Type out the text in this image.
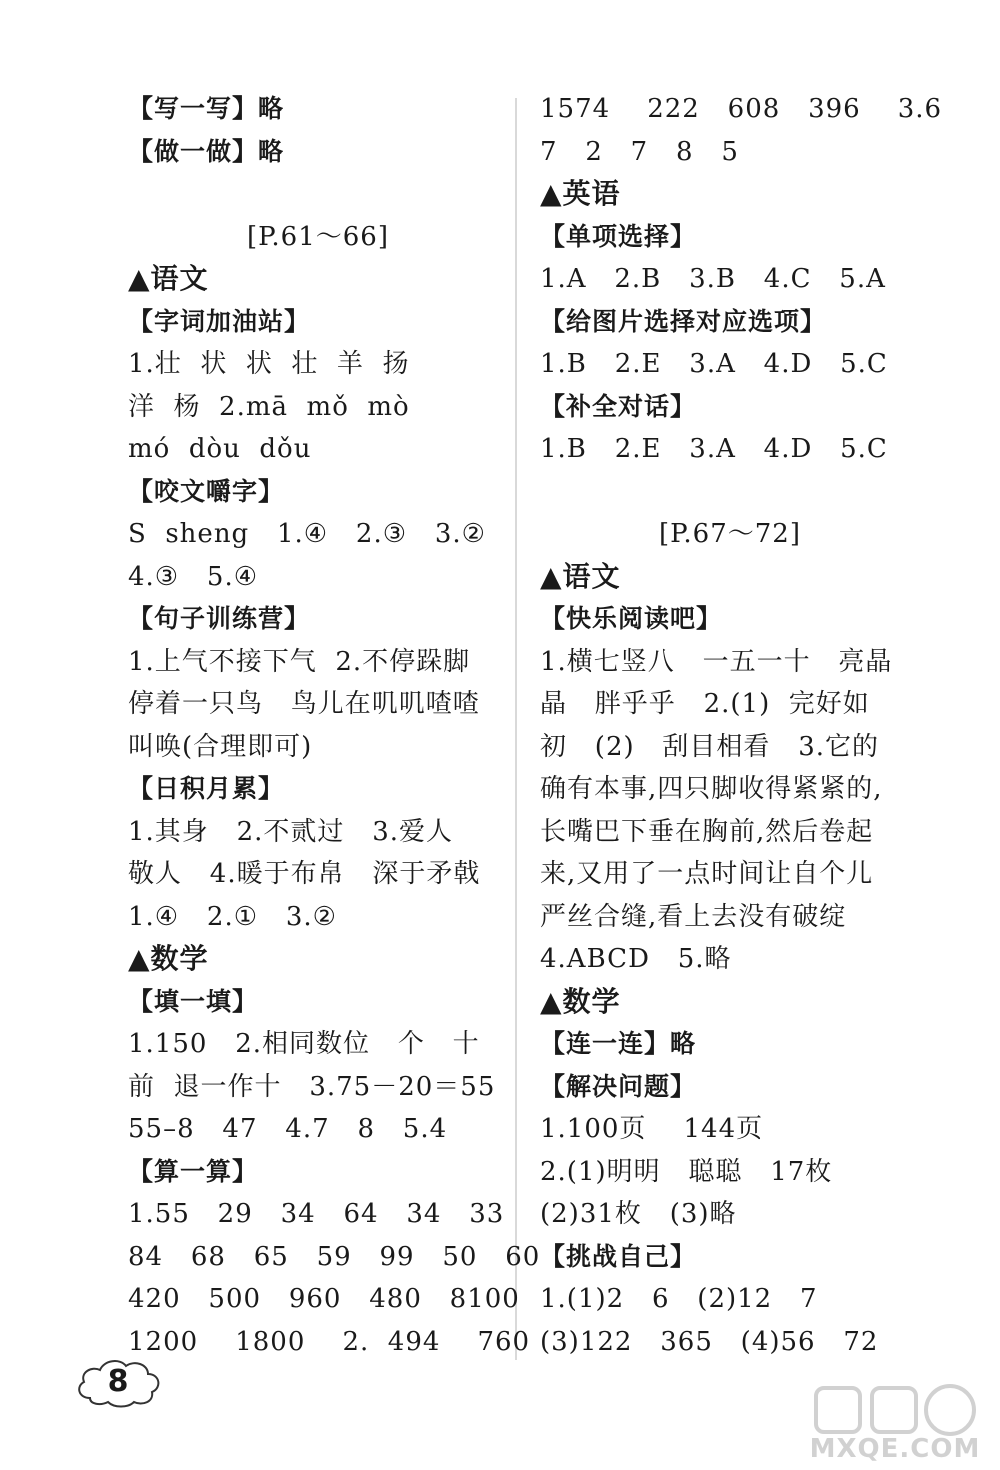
【写一写】略
【做一做】略
[P.61～66]
▲语文
【字词加油站】
1.壮  状  状  壮  羊  扬
洋  杨  2.mā  mǒ  mò
mó  dòu  dǒu
【咬文嚼字】
S  sheng   1.④   2.③   3.②
4.③   5.④
【句子训练营】
1.上气不接下气  2.不停跺脚
停着一只鸟   鸟儿在叽叽喳喳
叫唤(合理即可)
【日积月累】
1.其身   2.不贰过   3.爱人
敬人   4.暖于布帛   深于矛戟
1.④   2.①   3.②
▲数学
【填一填】
1.150   2.相同数位   个   十
前  退一作十   3.75－20＝55
55–8   47   4.7   8   5.4
【算一算】
1.55   29   34   64   34   33
84   68   65   59   99   50   60
420   500   960   480   8100
1200    1800    2.  494    760
1574    222   608   396    3.6
7   2   7   8   5
▲英语
【单项选择】
1.A   2.B   3.B   4.C   5.A
【给图片选择对应选项】
1.B   2.E   3.A   4.D   5.C
【补全对话】
1.B   2.E   3.A   4.D   5.C
[P.67～72]
▲语文
【快乐阅读吧】
1.横七竖八   一五一十   亮晶
晶   胖乎乎   2.(1)  完好如
初   (2)   刮目相看   3.它的
确有本事,四只脚收得紧紧的,
长嘴巴下垂在胸前,然后卷起
来,又用了一点时间让自个儿
严丝合缝,看上去没有破绽
4.ABCD   5.略
▲数学
【连一连】略
【解决问题】
1.100页    144页
2.(1)明明   聪聪   17枚
(2)31枚   (3)略
【挑战自己】
1.(1)2   6   (2)12   7
(3)122   365   (4)56   72
8
MXQE.COM
